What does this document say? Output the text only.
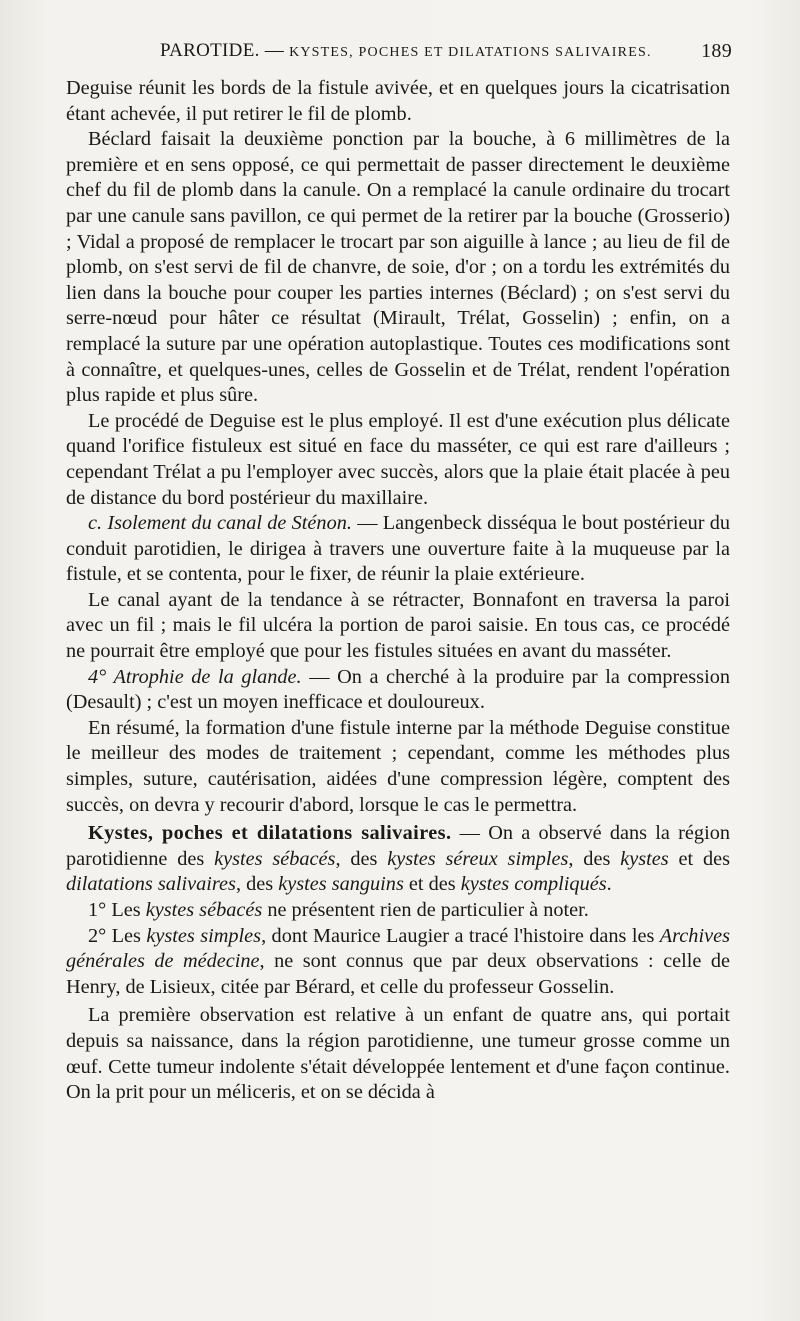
PAROTIDE. — KYSTES, POCHES ET DILATATIONS SALIVAIRES. 189

Deguise réunit les bords de la fistule avivée, et en quelques jours la cicatrisation étant achevée, il put retirer le fil de plomb.

Béclard faisait la deuxième ponction par la bouche, à 6 millimètres de la première et en sens opposé, ce qui permettait de passer directement le deuxième chef du fil de plomb dans la canule. On a remplacé la canule ordinaire du trocart par une canule sans pavillon, ce qui permet de la retirer par la bouche (Grosserio) ; Vidal a proposé de remplacer le trocart par son aiguille à lance ; au lieu de fil de plomb, on s'est servi de fil de chanvre, de soie, d'or ; on a tordu les extrémités du lien dans la bouche pour couper les parties internes (Béclard) ; on s'est servi du serre-nœud pour hâter ce résultat (Mirault, Trélat, Gosselin) ; enfin, on a remplacé la suture par une opération autoplastique. Toutes ces modifications sont à connaître, et quelques-unes, celles de Gosselin et de Trélat, rendent l'opération plus rapide et plus sûre.

Le procédé de Deguise est le plus employé. Il est d'une exécution plus délicate quand l'orifice fistuleux est situé en face du masséter, ce qui est rare d'ailleurs ; cependant Trélat a pu l'employer avec succès, alors que la plaie était placée à peu de distance du bord postérieur du maxillaire.

c. Isolement du canal de Sténon. — Langenbeck disséqua le bout postérieur du conduit parotidien, le dirigea à travers une ouverture faite à la muqueuse par la fistule, et se contenta, pour le fixer, de réunir la plaie extérieure.

Le canal ayant de la tendance à se rétracter, Bonnafont en traversa la paroi avec un fil ; mais le fil ulcéra la portion de paroi saisie. En tous cas, ce procédé ne pourrait être employé que pour les fistules situées en avant du masséter.

4° Atrophie de la glande. — On a cherché à la produire par la compression (Desault) ; c'est un moyen inefficace et douloureux.

En résumé, la formation d'une fistule interne par la méthode Deguise constitue le meilleur des modes de traitement ; cependant, comme les méthodes plus simples, suture, cautérisation, aidées d'une compression légère, comptent des succès, on devra y recourir d'abord, lorsque le cas le permettra.

Kystes, poches et dilatations salivaires. — On a observé dans la région parotidienne des kystes sébacés, des kystes séreux simples, des kystes et des dilatations salivaires, des kystes sanguins et des kystes compliqués.

1° Les kystes sébacés ne présentent rien de particulier à noter.

2° Les kystes simples, dont Maurice Laugier a tracé l'histoire dans les Archives générales de médecine, ne sont connus que par deux observations : celle de Henry, de Lisieux, citée par Bérard, et celle du professeur Gosselin.

La première observation est relative à un enfant de quatre ans, qui portait depuis sa naissance, dans la région parotidienne, une tumeur grosse comme un œuf. Cette tumeur indolente s'était développée lentement et d'une façon continue. On la prit pour un méliceris, et on se décida à
